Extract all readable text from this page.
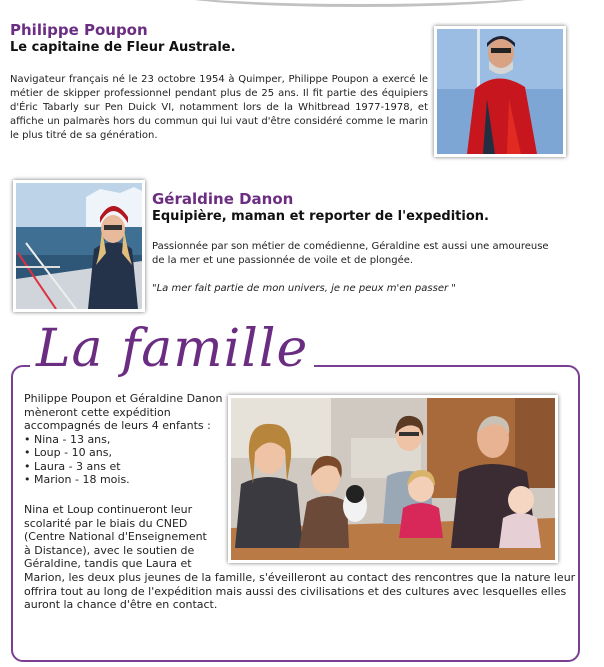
Philippe Poupon
Le capitaine de Fleur Australe.
Navigateur français né le 23 octobre 1954 à Quimper, Philippe Poupon a exercé le métier de skipper professionnel pendant plus de 25 ans. Il fit partie des équipiers d'Éric Tabarly sur Pen Duick VI, notamment lors de la Whitbread 1977-1978, et affiche un palmarès hors du commun qui lui vaut d'être considéré comme le marin le plus titré de sa génération.
Géraldine Danon
Equipière, maman et reporter de l'expedition.
Passionnée par son métier de comédienne, Géraldine est aussi une amoureuse de la mer et une passionnée de voile et de plongée.
"La mer fait partie de mon univers, je ne peux m'en passer "
La famille
Philippe Poupon et Géraldine Danon
mèneront cette expédition
accompagnés de leurs 4 enfants :
• Nina - 13 ans,
• Loup - 10 ans,
• Laura - 3 ans et
• Marion - 18 mois.
Nina et Loup continueront leur
scolarité par le biais du CNED
(Centre National d'Enseignement
à Distance), avec le soutien de
Géraldine, tandis que Laura et
Marion, les deux plus jeunes de la famille, s'éveilleront au contact des rencontres que la nature leur
offrira tout au long de l'expédition mais aussi des civilisations et des cultures avec lesquelles elles
auront la chance d'être en contact.
